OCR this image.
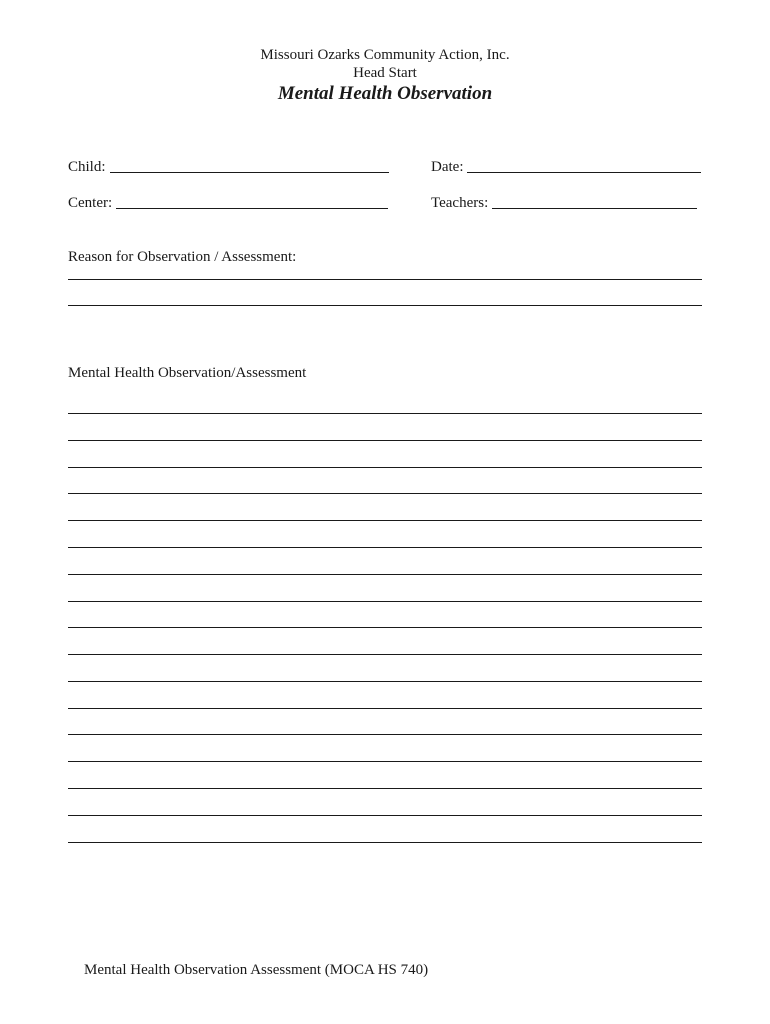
Missouri Ozarks Community Action, Inc.
Head Start
Mental Health Observation
Child:	Date:
Center:	Teachers:
Reason for Observation / Assessment:
Mental Health Observation/Assessment
Mental Health Observation Assessment (MOCA HS 740)
